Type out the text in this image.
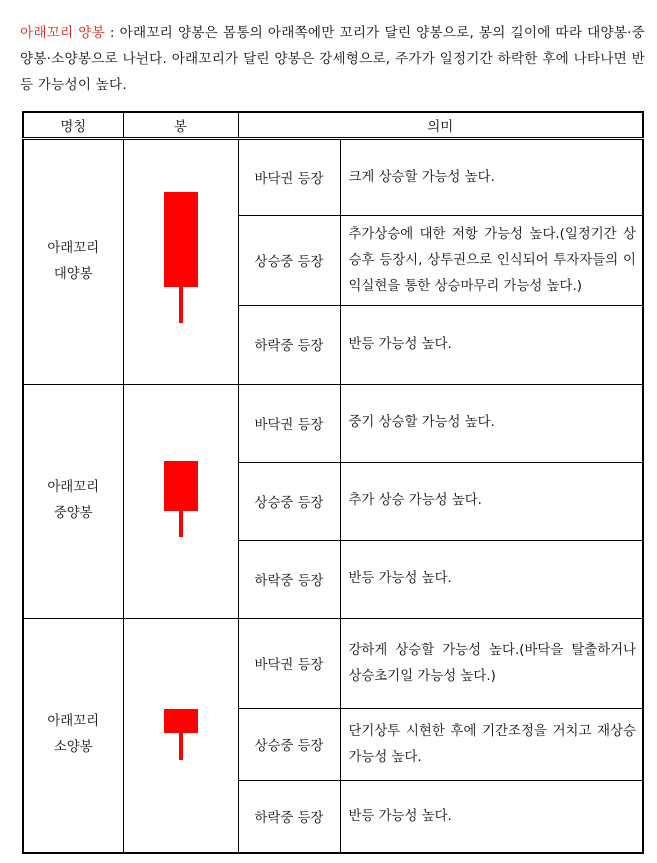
아래꼬리 양봉 : 아래꼬리 양봉은 몸통의 아래쪽에만 꼬리가 달린 양봉으로, 봉의 길이에 따라 대양봉·중양봉·소양봉으로 나뉜다. 아래꼬리가 달린 양봉은 강세형으로, 주가가 일정기간 하락한 후에 나타나면 반등 가능성이 높다.

명칭	봉	의미	
아래꼬리
대양봉		바닥권 등장	크게 상승할 가능성 높다.
		상승중 등장	추가상승에 대한 저항 가능성 높다.(일정기간 상승후 등장시, 상투권으로 인식되어 투자자들의 이익실현을 통한 상승마무리 가능성 높다.)
		하락중 등장	반등 가능성 높다.
아래꼬리
중양봉		바닥권 등장	중기 상승할 가능성 높다.
		상승중 등장	추가 상승 가능성 높다.
		하락중 등장	반등 가능성 높다.
아래꼬리
소양봉		바닥권 등장	강하게 상승할 가능성 높다.(바닥을 탈출하거나 상승초기일 가능성 높다.)
		상승중 등장	단기상투 시현한 후에 기간조정을 거치고 재상승 가능성 높다.
		하락중 등장	반등 가능성 높다.
